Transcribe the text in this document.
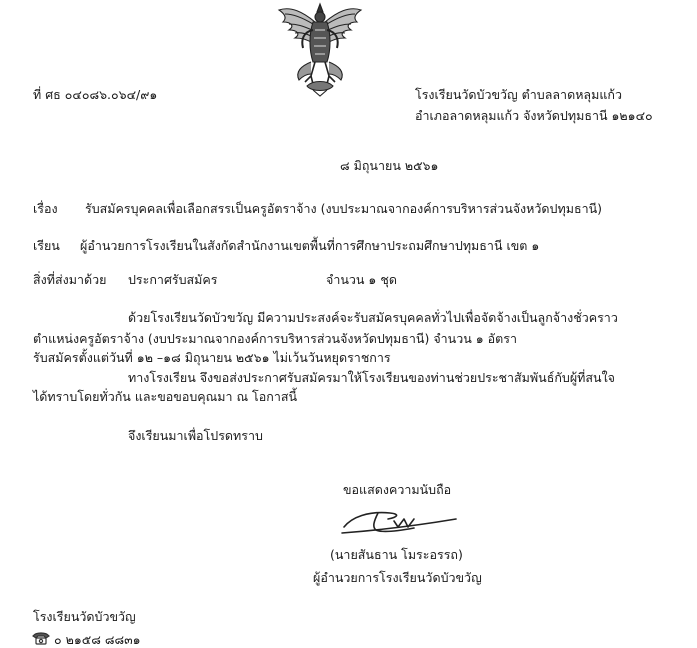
ที่ ศธ ๐๔๐๘๖.๐๖๔/๙๑	โรงเรียนวัดบัวขวัญ ตำบลลาดหลุมแก้ว
อำเภอลาดหลุมแก้ว จังหวัดปทุมธานี ๑๒๑๔๐
๘ มิถุนายน ๒๕๖๑
เรื่อง รับสมัครบุคคลเพื่อเลือกสรรเป็นครูอัตราจ้าง (งบประมาณจากองค์การบริหารส่วนจังหวัดปทุมธานี)
เรียน ผู้อำนวยการโรงเรียนในสังกัดสำนักงานเขตพื้นที่การศึกษาประถมศึกษาปทุมธานี เขต ๑
สิ่งที่ส่งมาด้วย ประกาศรับสมัคร	จำนวน ๑ ชุด
ด้วยโรงเรียนวัดบัวขวัญ มีความประสงค์จะรับสมัครบุคคลทั่วไปเพื่อจัดจ้างเป็นลูกจ้างชั่วคราว
ตำแหน่งครูอัตราจ้าง (งบประมาณจากองค์การบริหารส่วนจังหวัดปทุมธานี) จำนวน ๑ อัตรา
รับสมัครตั้งแต่วันที่ ๑๒ –๑๘ มิถุนายน ๒๕๖๑ ไม่เว้นวันหยุดราชการ
ทางโรงเรียน จึงขอส่งประกาศรับสมัครมาให้โรงเรียนของท่านช่วยประชาสัมพันธ์กับผู้ที่สนใจ
ได้ทราบโดยทั่วกัน และขอขอบคุณมา ณ โอกาสนี้
จึงเรียนมาเพื่อโปรดทราบ
ขอแสดงความนับถือ
(นายสันธาน โมระอรรถ)
ผู้อำนวยการโรงเรียนวัดบัวขวัญ
โรงเรียนวัดบัวขวัญ
๐ ๒๑๕๘ ๘๘๓๑
